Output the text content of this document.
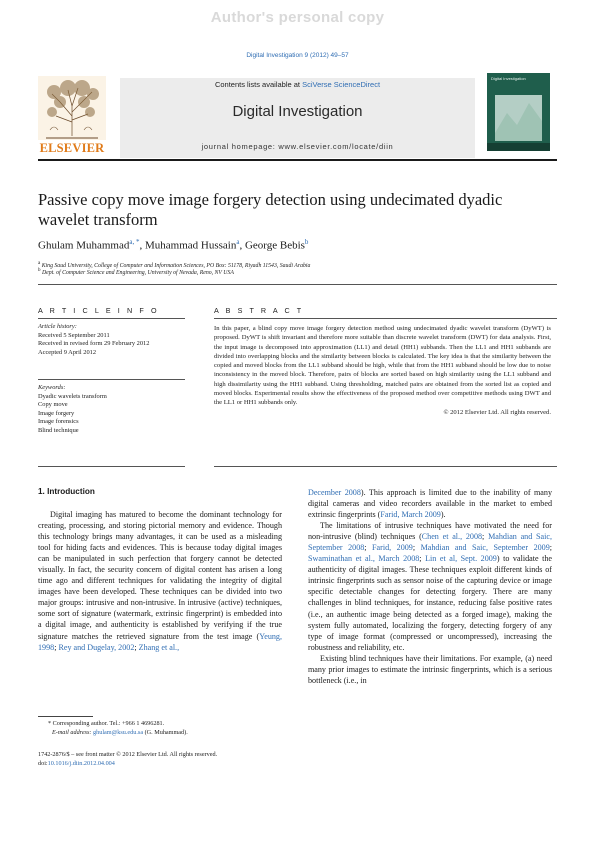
Author's personal copy
Digital Investigation 9 (2012) 49–57
ELSEVIER
Contents lists available at SciVerse ScienceDirect
Digital Investigation
journal homepage: www.elsevier.com/locate/diin
Digital Investigation
Passive copy move image forgery detection using undecimated dyadic wavelet transform
Ghulam Muhammad$^{a, *}$, Muhammad Hussain$^a$, George Bebis$^b$
$^a$ King Saud University, College of Computer and Information Sciences, PO Box: 51178, Riyadh 11543, Saudi Arabia
$^b$ Dept. of Computer Science and Engineering, University of Nevada, Reno, NV USA
A R T I C L E I N F O
Article history:
Received 5 September 2011
Received in revised form 29 February 2012
Accepted 9 April 2012
Keywords:
Dyadic wavelets transform
Copy move
Image forgery
Image forensics
Blind technique
A B S T R A C T
In this paper, a blind copy move image forgery detection method using undecimated dyadic wavelet transform (DyWT) is proposed. DyWT is shift invariant and therefore more suitable than discrete wavelet transform (DWT) for data analysis. First, the input image is decomposed into approximation (LL1) and detail (HH1) subbands. Then the LL1 and HH1 subbands are divided into overlapping blocks and the similarity between blocks is calculated. The key idea is that the similarity between the copied and moved blocks from the LL1 subband should be high, while that from the HH1 subband should be low due to noise inconsistency in the moved block. Therefore, pairs of blocks are sorted based on high similarity using the LL1 subband and high dissimilarity using the HH1 subband. Using thresholding, matched pairs are obtained from the sorted list as copied and moved blocks. Experimental results show the effectiveness of the proposed method over competitive methods using DWT and the LL1 or HH1 subbands only.
© 2012 Elsevier Ltd. All rights reserved.
1. Introduction

Digital imaging has matured to become the dominant technology for creating, processing, and storing pictorial memory and evidence. Though this technology brings many advantages, it can be used as a misleading tool for hiding facts and evidences. This is because today digital images can be manipulated in such perfection that forgery cannot be detected visually. In fact, the security concern of digital content has arisen a long time ago and different techniques for validating the integrity of digital images have been developed. These techniques can be divided into two major groups: intrusive and non-intrusive. In intrusive (active) techniques, some sort of signature (watermark, extrinsic fingerprint) is embedded into a digital image, and authenticity is established by verifying if the true signature matches the retrieved signature from the test image (Yeung, 1998; Rey and Dugelay, 2002; Zhang et al.,

December 2008). This approach is limited due to the inability of many digital cameras and video recorders available in the market to embed extrinsic fingerprints (Farid, March 2009).

The limitations of intrusive techniques have motivated the need for non-intrusive (blind) techniques (Chen et al., 2008; Mahdian and Saic, September 2008; Farid, 2009; Mahdian and Saic, September 2009; Swaminathan et al., March 2008; Lin et al, Sept. 2009) to validate the authenticity of digital images. These techniques exploit different kinds of intrinsic fingerprints such as sensor noise of the capturing device or image specific detectable changes for detecting forgery. There are many challenges in blind techniques, for instance, reducing false positive rates (i.e., an authentic image being detected as a forged image), making the system fully automated, localizing the forgery, detecting forgery of any type of image format (compressed or uncompressed), increasing the robustness and reliability, etc.

Existing blind techniques have their limitations. For example, (a) need many prior images to estimate the intrinsic fingerprints, which is a serious bottleneck (i.e., in

* Corresponding author. Tel.: +966 1 4696281.
E-mail address: ghulam@ksu.edu.sa (G. Muhammad).
1742-2876/$ – see front matter © 2012 Elsevier Ltd. All rights reserved.
doi:10.1016/j.diin.2012.04.004
